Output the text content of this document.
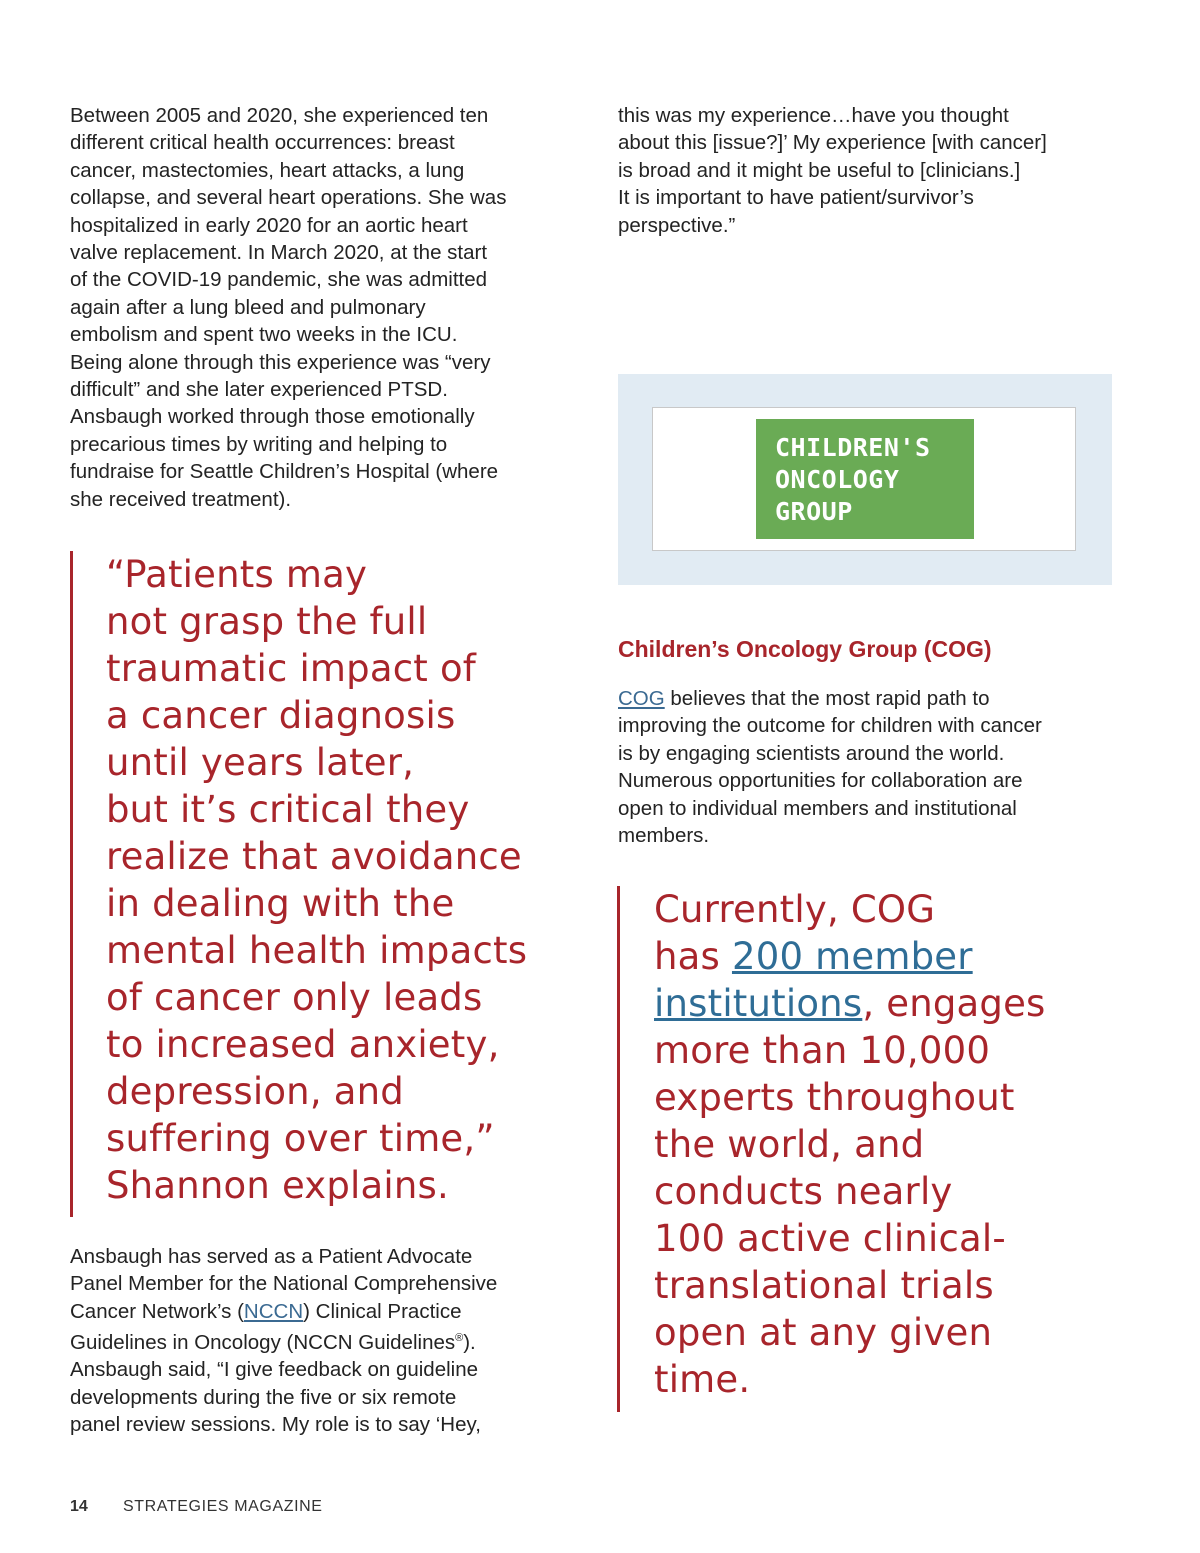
Between 2005 and 2020, she experienced ten
different critical health occurrences: breast
cancer, mastectomies, heart attacks, a lung
collapse, and several heart operations. She was
hospitalized in early 2020 for an aortic heart
valve replacement. In March 2020, at the start
of the COVID-19 pandemic, she was admitted
again after a lung bleed and pulmonary
embolism and spent two weeks in the ICU.
Being alone through this experience was “very
difficult” and she later experienced PTSD.
Ansbaugh worked through those emotionally
precarious times by writing and helping to
fundraise for Seattle Children’s Hospital (where
she received treatment).
“Patients may
not grasp the full
traumatic impact of
a cancer diagnosis
until years later,
but it’s critical they
realize that avoidance
in dealing with the
mental health impacts
of cancer only leads
to increased anxiety,
depression, and
suffering over time,”
Shannon explains.
Ansbaugh has served as a Patient Advocate
Panel Member for the National Comprehensive
Cancer Network’s (NCCN) Clinical Practice
Guidelines in Oncology (NCCN Guidelines®).
Ansbaugh said, “I give feedback on guideline
developments during the five or six remote
panel review sessions. My role is to say ‘Hey,
this was my experience…have you thought
about this [issue?]’ My experience [with cancer]
is broad and it might be useful to [clinicians.]
It is important to have patient/survivor’s
perspective.”
CHILDREN'S
ONCOLOGY
GROUP
Children’s Oncology Group (COG)
COG believes that the most rapid path to
improving the outcome for children with cancer
is by engaging scientists around the world.
Numerous opportunities for collaboration are
open to individual members and institutional
members.
Currently, COG
has 200 member
institutions, engages
more than 10,000
experts throughout
the world, and
conducts nearly
100 active clinical-
translational trials
open at any given
time.
14 STRATEGIES MAGAZINE
